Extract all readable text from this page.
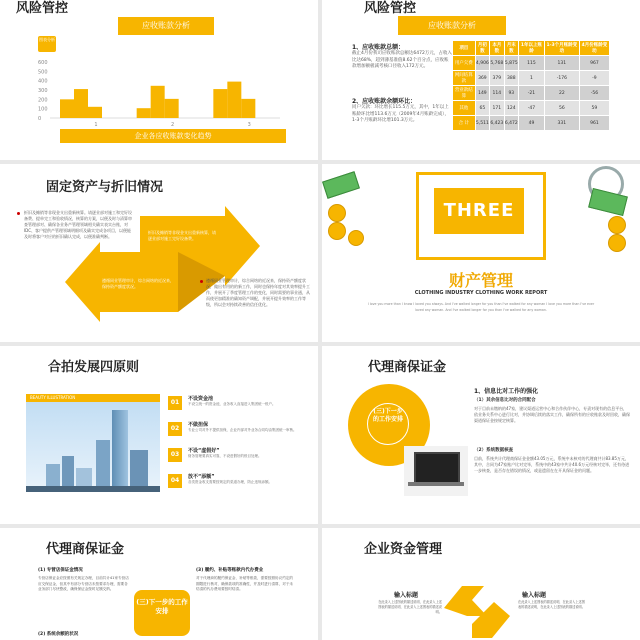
风险管控
应收账款分析
图表分析
600
500
400
300
200
100
0
1	2	3
企业各应收账款变化趋势
风险管控
应收账款分析
1、应收账款总额：
截止4月份我司应收账款总额达6472万元，占收入比达68%，超到薄基准值8.62个百分点，应收账款增加额板减考核口径收入172万元。
2、应收账款余额环比：
同户欠款：环比增长115.5万元，其中，1年以上账龄环比增113.6万元（2009年4月账龄完成），1-3个月账龄环比增101.3万元。
项目	月初数	本月数	月末数	1年以上账龄	1-3个月账龄变动	4月份账龄变动
用户欠费	4,906	5,768	5,875	115	131	967
网间结算款	369	379	388	1	-176	-9
营业款结算	149	114	93	-21	22	-56
其他	65	171	124	-47	56	59
合 计	5,511	6,423	6,472	49	331	961
固定资产与折旧情况
折旧及摊销等非现金支出重新核算。请逐业部对施工和完好设备费、提单完工和验收情况，核算的方案，以便及时与清算审查管理部对、确保各业务产管理领域相关确实表实台账，对IDC、客户提供产管理领域明细项及确实完成各项目，以便能及时将客户对应的折旧确认完成，以便准确判断。
折旧及摊销等非现金支出重新核算，请逐业部对施工完好设备费。
遵循同业管理审计，综合网络的近况来，保持资产额度状况。
遵循同业管理审计，综合网络的近况来，保持资产额度状况，做出有用的的新工作，同时也保持年度对其效率提升工作，并展开了季度管理工作的变化，同时需要的事业通，从而使更加精准的确知资产调配，并展开提升效率的工作等级，所以会对持续改善的信任优化。
THREE
财产管理
CLOTHING INDUSTRY CLOTHING WORK REPORT
I love you more than I know I loved you always. And I've walked longer for you than I've walked for any woman I love you more than I've ever
loved any woman. And I've walked longer for you than I've walked for any woman.
合拍发展四原则
BEAUTY ILLUSTRATION
01	不设资金池
不设立统一的资金池，业务收入直接进入集团统一账户。
02	不做担保
专业公司对外不提供担保，企业内部对外业务合同均由集团统一审核。
03	不设“虚假好”
财务管理要真实可靠，不设虚假好的账目处理。
04	放不“添额”
各类资金收支需要按规定的渠道办理，防止违规添额。
代理商保证金
(三)下一步的工作安排
1、信息比对工作的强化
（1）其余信息比对的合同配合
对于目前未缴纳的47家，建议渠道运营中心和合作伙伴中心，专责对现有的信息平台，依业务关系中心进行比对，并协调后续的落实工作，确保所有的应收账款及时回收，确保渠道保证金按规定核算。
（2）系统数据核查
目前，系统共计代理商保证金金额43.05万元，系统中未核对的代理商共计83.85万元，其中，合同为47家账户比对完毕，系统中的43家中共计40.6万元经核对完毕，还有待进一步核查，是否存在错误的情况，或是遗留在在开具保证金的问题。
代理商保证金
(1) 专营店保证金情况
专营店保证金应按照有关规定办理，目前共计41家专营店应交保证金，但其中有部分专营店未按要求办理，需要各业务部门尽快整改，确保保证金按时足额交纳。
(三)下一步的工作安排
(3) 履约、补贴等账款内代办费业
对于代理商的履约保证金、补贴等账款，需要按照协议约定的期限进行核对，确保款项的准确性，并及时进行清算，对于未结清的代办费用要按时结清。
(2) 系统余额的状况
企业资金管理
输入标题
在此录入上述图表的描述说明，在此录入上述图表的描述说明，在此录入上述图表的描述说明。
输入标题
在此录入上述图表的描述说明，在此录入上述图表的描述说明，在此录入上述图表的描述说明。
